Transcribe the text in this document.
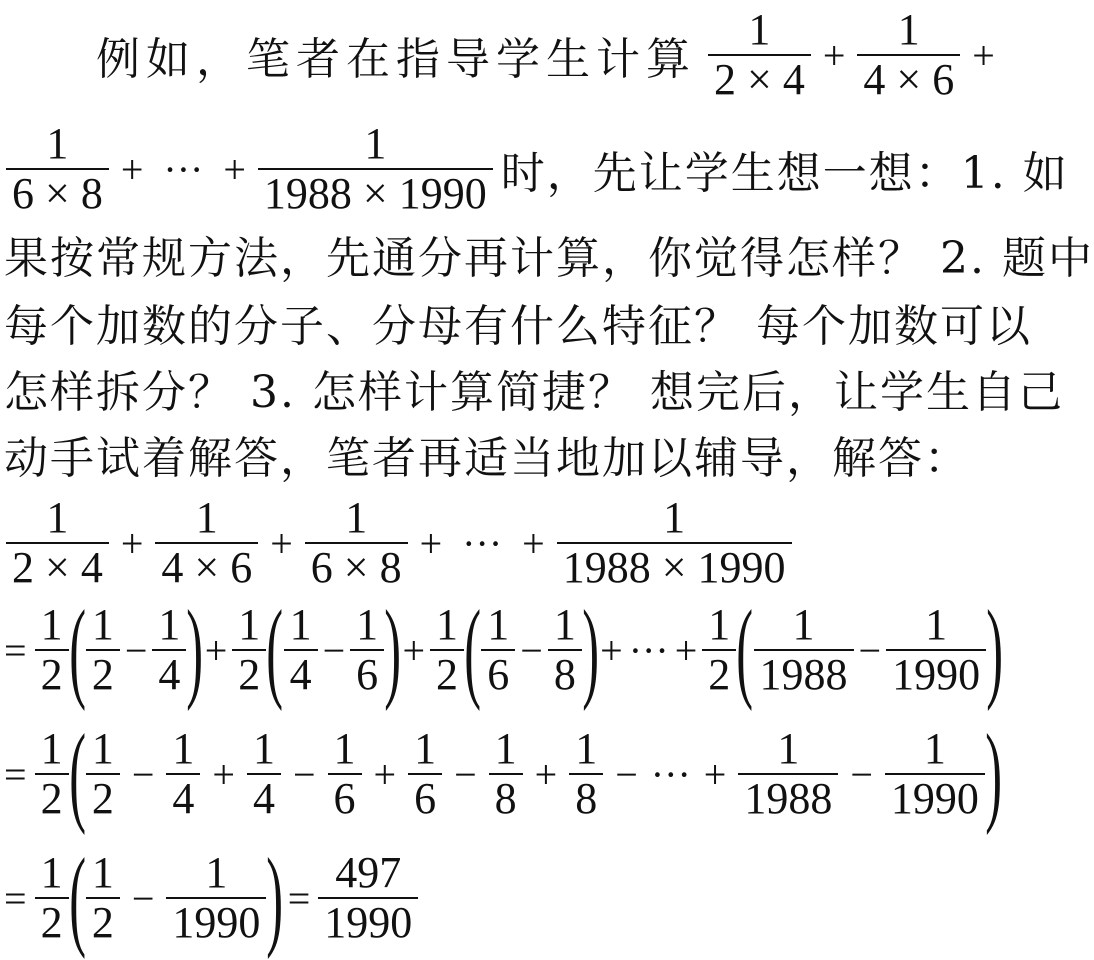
例如，笔者在指导学生计算 $\frac{1}{2 \times 4} + \frac{1}{4 \times 6}$ +
$\frac{1}{6 \times 8}$ + ··· + $\frac{1}{1988 \times 1990}$ 时，先让学生想一想：1. 如
果按常规方法，先通分再计算，你觉得怎样？ 2. 题中
每个加数的分子、分母有什么特征？ 每个加数可以
怎样拆分？ 3. 怎样计算简捷？ 想完后，让学生自己
动手试着解答，笔者再适当地加以辅导，解答：
$\frac{1}{2 \times 4} + \frac{1}{4 \times 6} + \frac{1}{6 \times 8}$ + ··· + $\frac{1}{1988 \times 1990}$
= $\frac{1}{2}$ ( $\frac{1}{2} - \frac{1}{4}$ ) + $\frac{1}{2}$ ( $\frac{1}{4} - \frac{1}{6}$ ) + $\frac{1}{2}$ ( $\frac{1}{6} - \frac{1}{8}$ ) + ··· + $\frac{1}{2}$ ( $\frac{1}{1988} - \frac{1}{1990}$ )
= $\frac{1}{2}$ ( $\frac{1}{2} - \frac{1}{4} + \frac{1}{4} - \frac{1}{6} + \frac{1}{6} - \frac{1}{8} + \frac{1}{8}$ − ··· + $\frac{1}{1988} - \frac{1}{1990}$ )
= $\frac{1}{2}$ ( $\frac{1}{2} - \frac{1}{1990}$ ) = $\frac{497}{1990}$
